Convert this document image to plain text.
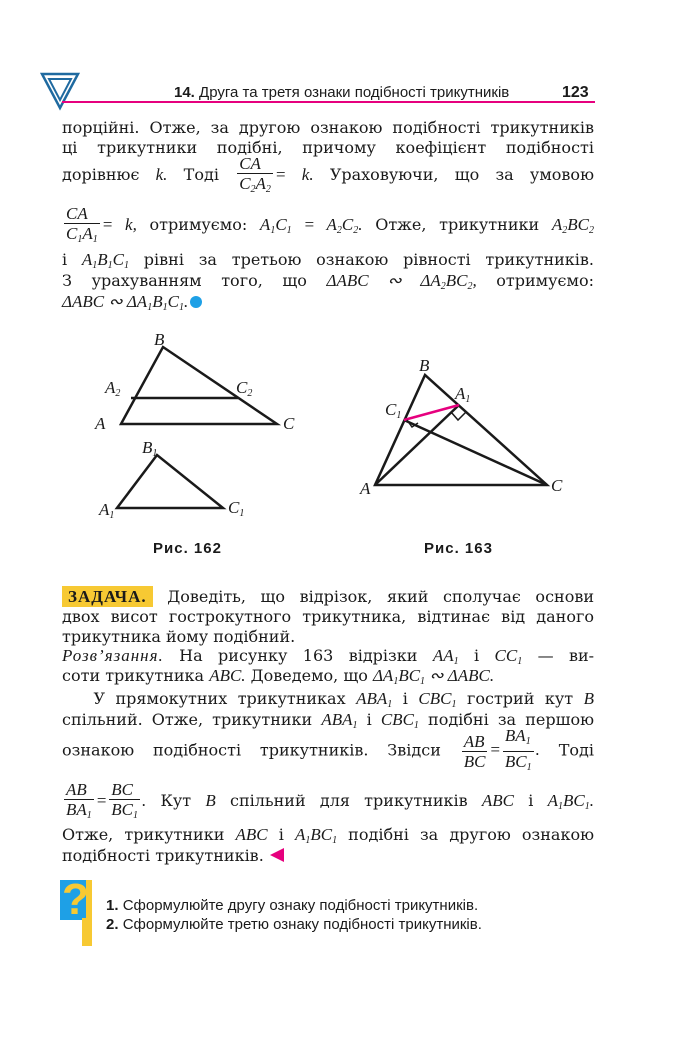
14. Друга та третя ознаки подібності трикутників	123
порційні. Отже, за другою ознакою подібності трикутників
ці трикутники подібні, причому коефіцієнт подібності
дорівнює k. Тоді $\frac{CA}{C_2A_2} = k$. Ураховуючи, що за умовою
$\frac{CA}{C_1A_1} = k$, отримуємо: $A_1C_1 = A_2C_2$. Отже, трикутники $A_2BC_2$
і $A_1B_1C_1$ рівні за третьою ознакою рівності трикутників.
З урахуванням того, що ΔABC ∾ $\Delta A_2BC_2$, отримуємо:
ΔABC ∾ $\Delta A_1B_1C_1$.
B
$A_2$	$C_2$
A	C
$B_1$
$A_1$	$C_1$
Рис. 162
B
$A_1$
$C_1$
A	C
Рис. 163
ЗАДАЧА. Доведіть, що відрізок, який сполучає основи
двох висот гострокутного трикутника, відтинає від даного
трикутника йому подібний.
Розв’язання. На рисунку 163 відрізки $AA_1$ і $CC_1$ — ви-
соти трикутника ABC. Доведемо, що $\Delta A_1BC_1$ ∾ ΔABC.
У прямокутних трикутниках $ABA_1$ і $CBC_1$ гострий кут B
спільний. Отже, трикутники $ABA_1$ і $CBC_1$ подібні за першою
ознакою подібності трикутників. Звідси $\frac{AB}{BC} = \frac{BA_1}{BC_1}$ . Тоді
$\frac{AB}{BA_1} = \frac{BC}{BC_1}$ . Кут B спільний для трикутників ABC і $A_1BC_1$.
Отже, трикутники ABC і $A_1BC_1$ подібні за другою ознакою
подібності трикутників.
? 1. Сформулюйте другу ознаку подібності трикутників.
2. Сформулюйте третю ознаку подібності трикутників.
